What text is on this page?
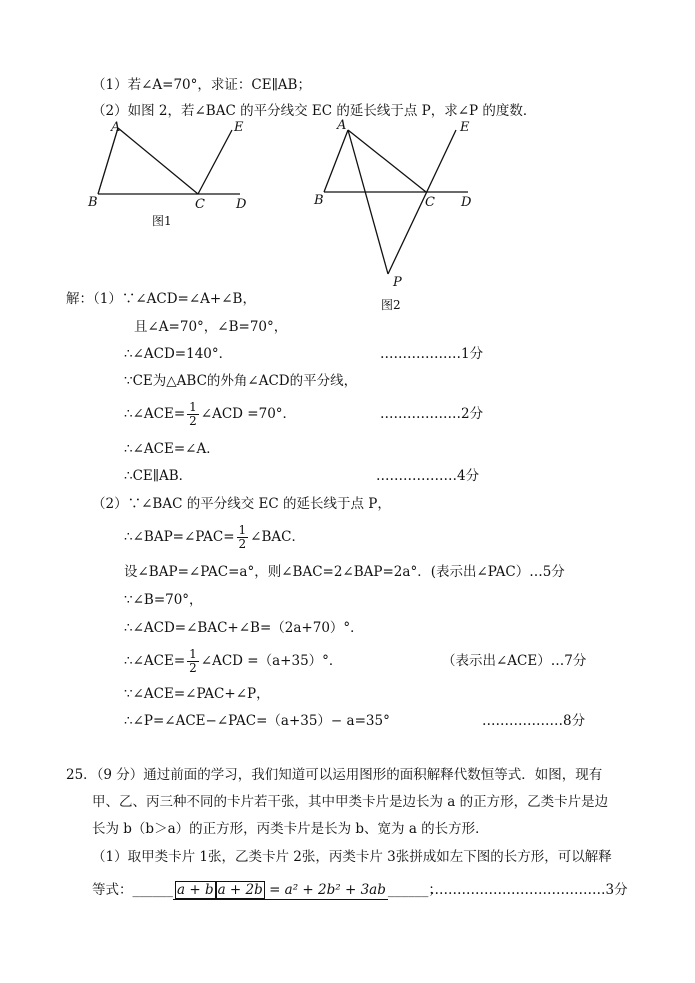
（1）若∠A=70°，求证：CE∥AB；
（2）如图 2，若∠BAC 的平分线交 EC 的延长线于点 P，求∠P 的度数．
A	E
B	C D
图1
A	E
B	C D
P
图2
解：（1）∵∠ACD=∠A+∠B，
且∠A=70°，∠B=70°，
∴∠ACD=140°．	………………1分
∵CE为△ABC的外角∠ACD的平分线，
∴∠ACE= $\frac{1}{2}$ ∠ACD =70°．	………………2分
∴∠ACE=∠A．
∴CE∥AB．	………………4分
（2）∵∠BAC 的平分线交 EC 的延长线于点 P，
∴∠BAP=∠PAC= $\frac{1}{2}$ ∠BAC．
设∠BAP=∠PAC=a°，则∠BAC=2∠BAP=2a°．(表示出∠PAC）…5分
∵∠B=70°，
∴∠ACD=∠BAC+∠B=（2a+70）°．
∴∠ACE= $\frac{1}{2}$ ∠ACD =（a+35）°．	（表示出∠ACE）…7分
∵∠ACE=∠PAC+∠P，
∴∠P=∠ACE−∠PAC=（a+35）− a=35°	………………8分
25．（9 分）通过前面的学习，我们知道可以运用图形的面积解释代数恒等式．如图，现有
甲、乙、丙三种不同的卡片若干张，其中甲类卡片是边长为 a 的正方形，乙类卡片是边
长为 b（b＞a）的正方形，丙类卡片是长为 b、宽为 a 的长方形．
（1）取甲类卡片 1张，乙类卡片 2张，丙类卡片 3张拼成如左下图的长方形，可以解释
等式：______ a + b a + 2b = a² + 2b² + 3ab ______；
…………………………………3分
